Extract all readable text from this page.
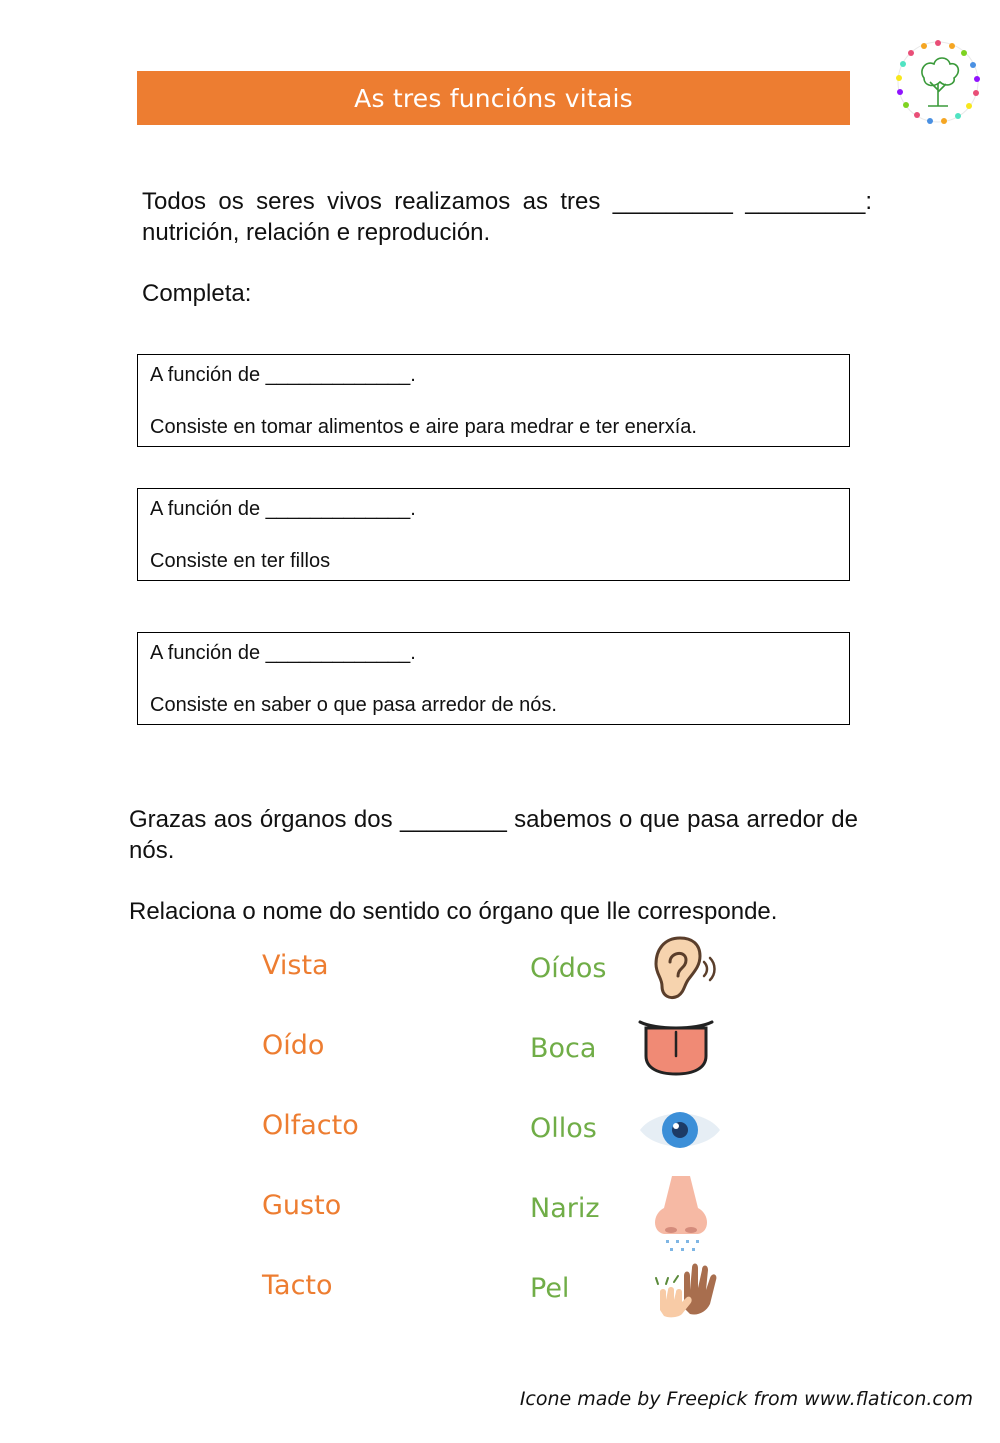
As tres funcións vitais
Todos os seres vivos realizamos as tres _________ _________: nutrición, relación e reprodución.
Completa:
A función de _____________.
Consiste en tomar alimentos e aire para medrar e ter enerxía.
A función de _____________.
Consiste en ter fillos
A función de _____________.
Consiste en saber o que pasa arredor de nós.
Grazas aos órganos dos ________ sabemos o que pasa arredor de nós.
Relaciona o nome do sentido co órgano que lle corresponde.
Vista
Oído
Olfacto
Gusto
Tacto
Oídos
Boca
Ollos
Nariz
Pel
Icone made by Freepick from www.flaticon.com
